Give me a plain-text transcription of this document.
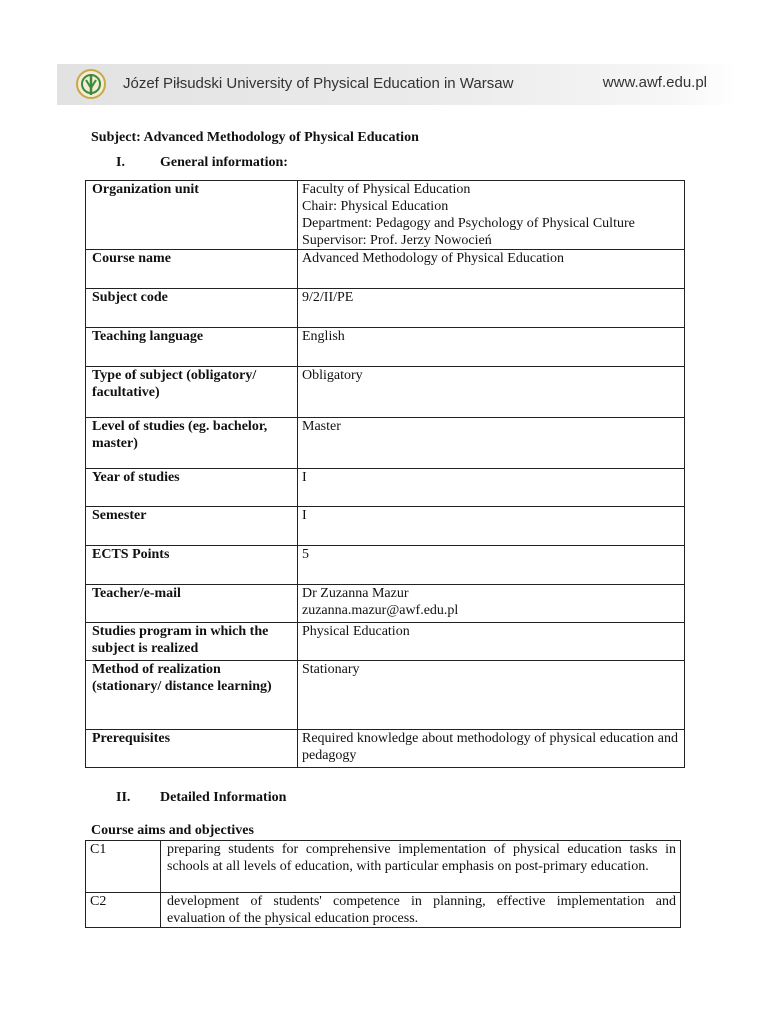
Józef Piłsudski University of Physical Education in Warsaw	www.awf.edu.pl
Subject: Advanced Methodology of Physical Education
I.	General information:
Organization unit	Faculty of Physical Education
Chair: Physical Education
Department: Pedagogy and Psychology of Physical Culture
Supervisor: Prof. Jerzy Nowocień

Course name	Advanced Methodology of Physical Education

Subject code	9/2/II/PE

Teaching language	English

Type of subject (obligatory/ facultative)	Obligatory

Level of studies (eg. bachelor, master)	Master

Year of studies	I

Semester	I

ECTS Points	5

Teacher/e-mail	Dr Zuzanna Mazur
zuzanna.mazur@awf.edu.pl

Studies program in which the subject is realized	Physical Education

Method of realization (stationary/ distance learning)	Stationary

Prerequisites	Required knowledge about methodology of physical education and pedagogy
II. Detailed Information
Course aims and objectives
C1	preparing students for comprehensive implementation of physical education tasks in schools at all levels of education, with particular emphasis on post-primary education.
C2	development of students' competence in planning, effective implementation and evaluation of the physical education process.
